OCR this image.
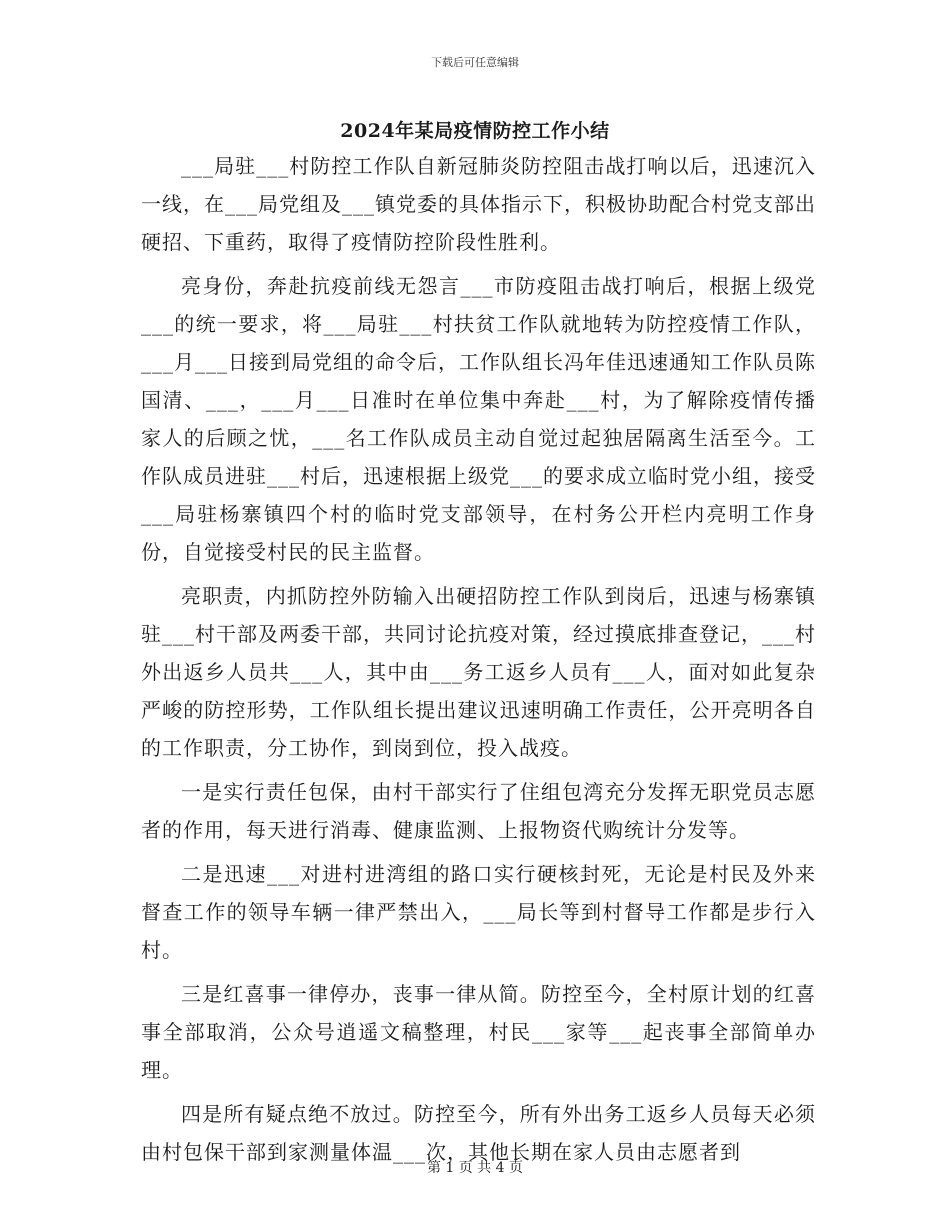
下载后可任意编辑
2024年某局疫情防控工作小结

___局驻___村防控工作队自新冠肺炎防控阻击战打响以后，迅速沉入一线，在___局党组及___镇党委的具体指示下，积极协助配合村党支部出硬招、下重药，取得了疫情防控阶段性胜利。

亮身份，奔赴抗疫前线无怨言___市防疫阻击战打响后，根据上级党___的统一要求，将___局驻___村扶贫工作队就地转为防控疫情工作队，___月___日接到局党组的命令后，工作队组长冯年佳迅速通知工作队员陈国清、___，___月___日准时在单位集中奔赴___村，为了解除疫情传播家人的后顾之忧，___名工作队成员主动自觉过起独居隔离生活至今。工作队成员进驻___村后，迅速根据上级党___的要求成立临时党小组，接受___局驻杨寨镇四个村的临时党支部领导，在村务公开栏内亮明工作身份，自觉接受村民的民主监督。

亮职责，内抓防控外防输入出硬招防控工作队到岗后，迅速与杨寨镇驻___村干部及两委干部，共同讨论抗疫对策，经过摸底排查登记，___村外出返乡人员共___人，其中由___务工返乡人员有___人，面对如此复杂严峻的防控形势，工作队组长提出建议迅速明确工作责任，公开亮明各自的工作职责，分工协作，到岗到位，投入战疫。

一是实行责任包保，由村干部实行了住组包湾充分发挥无职党员志愿者的作用，每天进行消毒、健康监测、上报物资代购统计分发等。

二是迅速___对进村进湾组的路口实行硬核封死，无论是村民及外来督查工作的领导车辆一律严禁出入，___局长等到村督导工作都是步行入村。

三是红喜事一律停办，丧事一律从简。防控至今，全村原计划的红喜事全部取消，公众号逍遥文稿整理，村民___家等___起丧事全部简单办理。

四是所有疑点绝不放过。防控至今，所有外出务工返乡人员每天必须由村包保干部到家测量体温___次，其他长期在家人员由志愿者到

第 1 页 共 4 页
